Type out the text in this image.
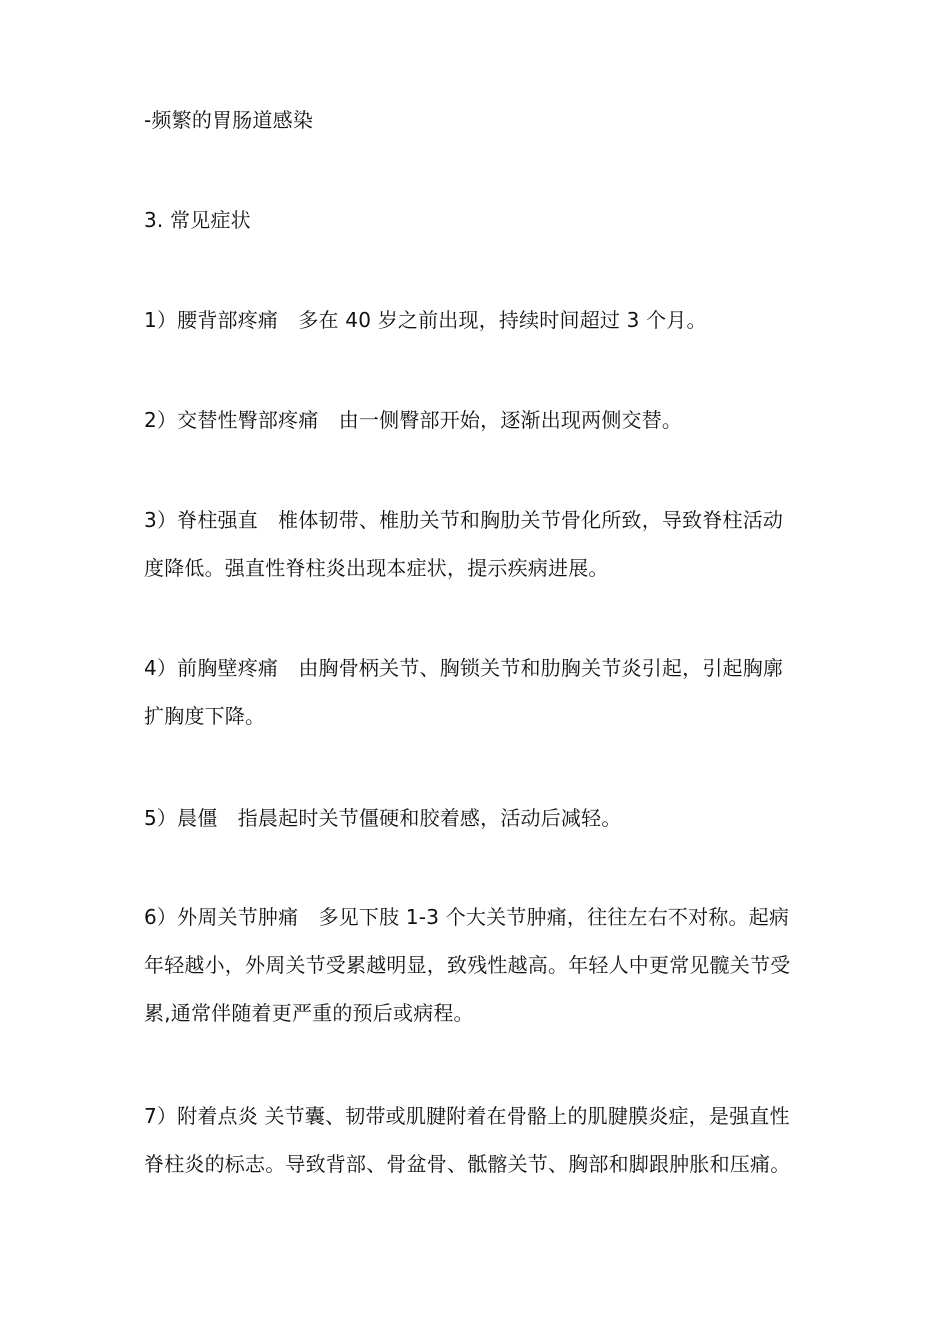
-频繁的胃肠道感染

3. 常见症状

1）腰背部疼痛　多在 40 岁之前出现，持续时间超过 3 个月。

2）交替性臀部疼痛　由一侧臀部开始，逐渐出现两侧交替。

3）脊柱强直　椎体韧带、椎肋关节和胸肋关节骨化所致，导致脊柱活动
度降低。强直性脊柱炎出现本症状，提示疾病进展。

4）前胸壁疼痛　由胸骨柄关节、胸锁关节和肋胸关节炎引起，引起胸廓
扩胸度下降。

5）晨僵　指晨起时关节僵硬和胶着感，活动后减轻。

6）外周关节肿痛　多见下肢 1-3 个大关节肿痛，往往左右不对称。起病
年轻越小，外周关节受累越明显，致残性越高。年轻人中更常见髋关节受
累,通常伴随着更严重的预后或病程。

7）附着点炎 关节囊、韧带或肌腱附着在骨骼上的肌腱膜炎症，是强直性
脊柱炎的标志。导致背部、骨盆骨、骶髂关节、胸部和脚跟肿胀和压痛。
